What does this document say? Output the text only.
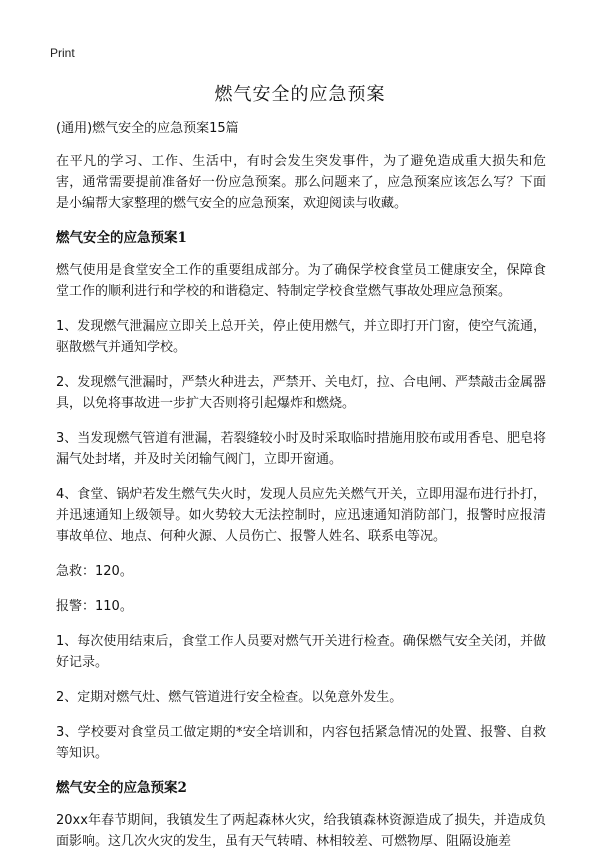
Print
燃气安全的应急预案

(通用)燃气安全的应急预案15篇

在平凡的学习、工作、生活中，有时会发生突发事件，为了避免造成重大损失和危害，通常需要提前准备好一份应急预案。那么问题来了，应急预案应该怎么写？下面是小编帮大家整理的燃气安全的应急预案，欢迎阅读与收藏。

燃气安全的应急预案1

燃气使用是食堂安全工作的重要组成部分。为了确保学校食堂员工健康安全，保障食堂工作的顺利进行和学校的和谐稳定、特制定学校食堂燃气事故处理应急预案。

1、发现燃气泄漏应立即关上总开关，停止使用燃气，并立即打开门窗，使空气流通，驱散燃气并通知学校。

2、发现燃气泄漏时，严禁火种进去，严禁开、关电灯，拉、合电闸、严禁敲击金属器具，以免将事故进一步扩大否则将引起爆炸和燃烧。

3、当发现燃气管道有泄漏，若裂缝较小时及时采取临时措施用胶布或用香皂、肥皂将漏气处封堵，并及时关闭输气阀门，立即开窗通。

4、食堂、锅炉若发生燃气失火时，发现人员应先关燃气开关，立即用湿布进行扑打，并迅速通知上级领导。如火势较大无法控制时，应迅速通知消防部门，报警时应报清事故单位、地点、何种火源、人员伤亡、报警人姓名、联系电等况。

急救：120。

报警：110。

1、每次使用结束后，食堂工作人员要对燃气开关进行检查。确保燃气安全关闭，并做好记录。

2、定期对燃气灶、燃气管道进行安全检查。以免意外发生。

3、学校要对食堂员工做定期的*安全培训和，内容包括紧急情况的处置、报警、自救等知识。

燃气安全的应急预案2

20xx年春节期间，我镇发生了两起森林火灾，给我镇森林资源造成了损失，并造成负面影响。这几次火灾的发生，虽有天气转晴、林相较差、可燃物厚、阻隔设施差
